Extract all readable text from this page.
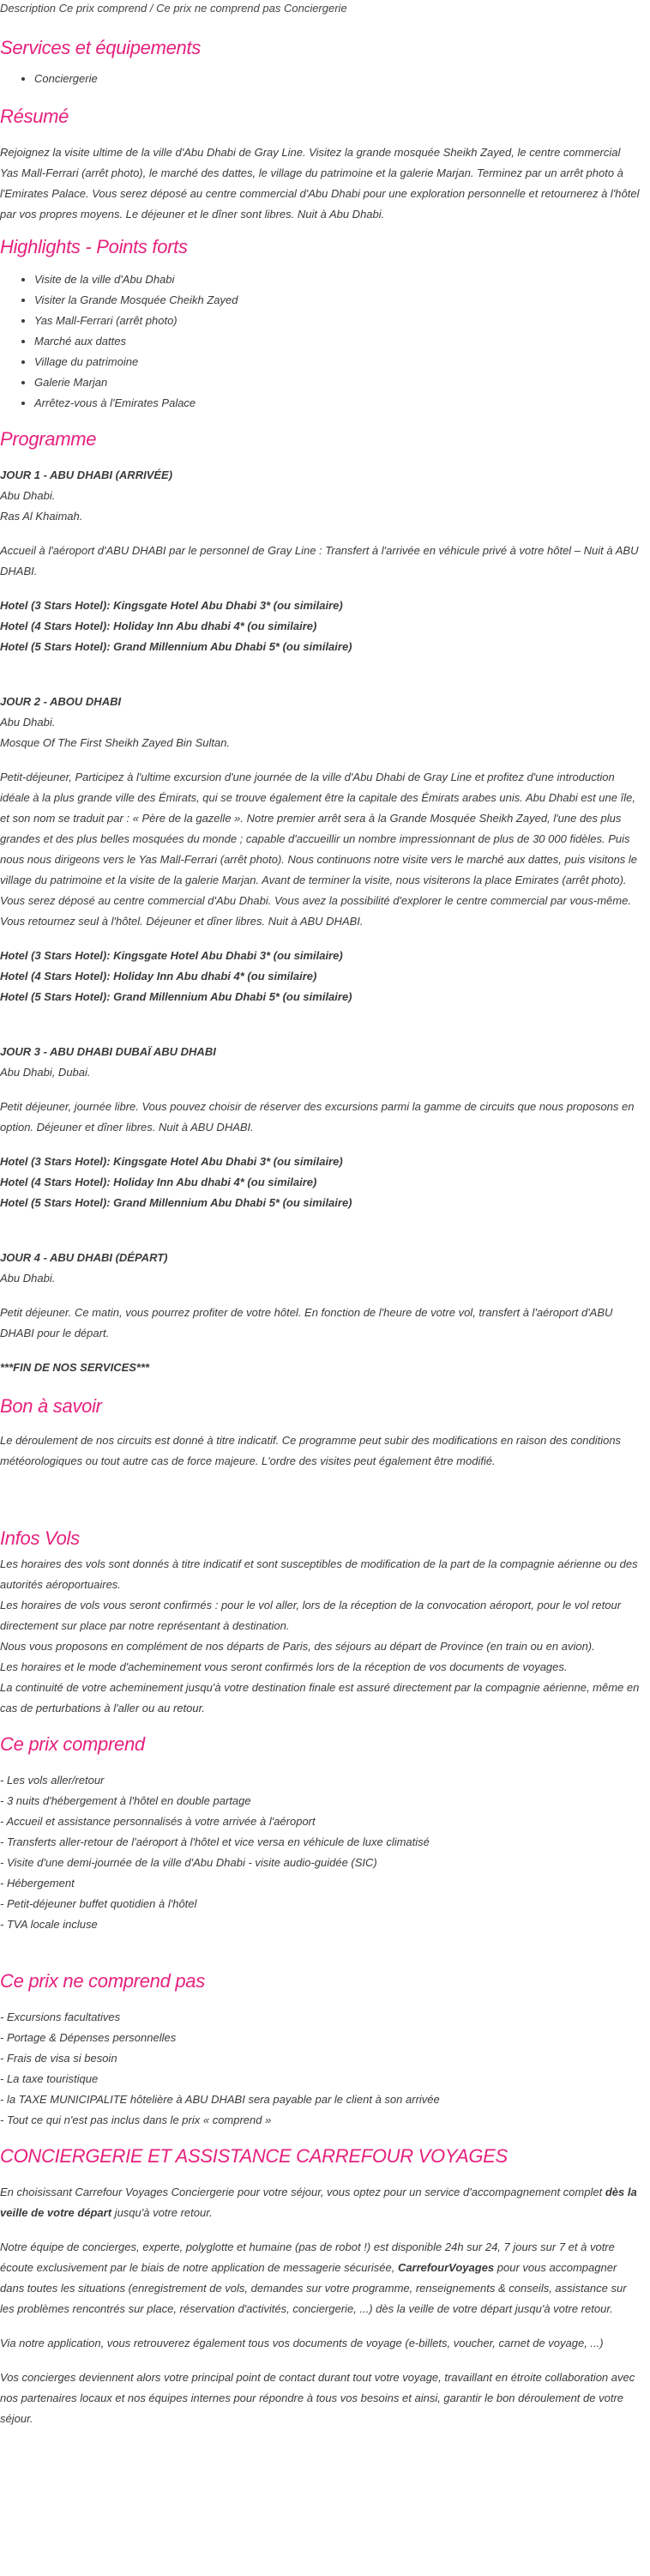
Description Ce prix comprend / Ce prix ne comprend pas Conciergerie
Services et équipements
• Conciergerie
Résumé

Rejoignez la visite ultime de la ville d'Abu Dhabi de Gray Line. Visitez la grande mosquée Sheikh Zayed, le centre commercial Yas Mall-Ferrari (arrêt photo), le marché des dattes, le village du patrimoine et la galerie Marjan. Terminez par un arrêt photo à l'Emirates Palace. Vous serez déposé au centre commercial d'Abu Dhabi pour une exploration personnelle et retournerez à l'hôtel par vos propres moyens. Le déjeuner et le dîner sont libres. Nuit à Abu Dhabi.

Highlights - Points forts
• Visite de la ville d'Abu Dhabi
• Visiter la Grande Mosquée Cheikh Zayed
• Yas Mall-Ferrari (arrêt photo)
• Marché aux dattes
• Village du patrimoine
• Galerie Marjan
• Arrêtez-vous à l'Emirates Palace
Programme
JOUR 1 - ABU DHABI (ARRIVÉE)
Abu Dhabi.
Ras Al Khaimah.

Accueil à l'aéroport d'ABU DHABI par le personnel de Gray Line : Transfert à l'arrivée en véhicule privé à votre hôtel – Nuit à ABU DHABI.

Hotel (3 Stars Hotel): Kingsgate Hotel Abu Dhabi 3* (ou similaire)
Hotel (4 Stars Hotel): Holiday Inn Abu dhabi 4* (ou similaire)
Hotel (5 Stars Hotel): Grand Millennium Abu Dhabi 5* (ou similaire)
JOUR 2 - ABOU DHABI
Abu Dhabi.
Mosque Of The First Sheikh Zayed Bin Sultan.

Petit-déjeuner, Participez à l'ultime excursion d'une journée de la ville d'Abu Dhabi de Gray Line et profitez d'une introduction idéale à la plus grande ville des Émirats, qui se trouve également être la capitale des Émirats arabes unis. Abu Dhabi est une île, et son nom se traduit par : « Père de la gazelle ». Notre premier arrêt sera à la Grande Mosquée Sheikh Zayed, l'une des plus grandes et des plus belles mosquées du monde ; capable d'accueillir un nombre impressionnant de plus de 30 000 fidèles. Puis nous nous dirigeons vers le Yas Mall-Ferrari (arrêt photo). Nous continuons notre visite vers le marché aux dattes, puis visitons le village du patrimoine et la visite de la galerie Marjan. Avant de terminer la visite, nous visiterons la place Emirates (arrêt photo). Vous serez déposé au centre commercial d'Abu Dhabi. Vous avez la possibilité d'explorer le centre commercial par vous-même. Vous retournez seul à l'hôtel. Déjeuner et dîner libres. Nuit à ABU DHABI.

Hotel (3 Stars Hotel): Kingsgate Hotel Abu Dhabi 3* (ou similaire)
Hotel (4 Stars Hotel): Holiday Inn Abu dhabi 4* (ou similaire)
Hotel (5 Stars Hotel): Grand Millennium Abu Dhabi 5* (ou similaire)
JOUR 3 - ABU DHABI DUBAÏ ABU DHABI
Abu Dhabi, Dubai.

Petit déjeuner, journée libre. Vous pouvez choisir de réserver des excursions parmi la gamme de circuits que nous proposons en option. Déjeuner et dîner libres. Nuit à ABU DHABI.

Hotel (3 Stars Hotel): Kingsgate Hotel Abu Dhabi 3* (ou similaire)
Hotel (4 Stars Hotel): Holiday Inn Abu dhabi 4* (ou similaire)
Hotel (5 Stars Hotel): Grand Millennium Abu Dhabi 5* (ou similaire)
JOUR 4 - ABU DHABI (DÉPART)
Abu Dhabi.

Petit déjeuner. Ce matin, vous pourrez profiter de votre hôtel. En fonction de l'heure de votre vol, transfert à l'aéroport d'ABU DHABI pour le départ.

***FIN DE NOS SERVICES***
Bon à savoir

Le déroulement de nos circuits est donné à titre indicatif. Ce programme peut subir des modifications en raison des conditions météorologiques ou tout autre cas de force majeure. L'ordre des visites peut également être modifié.

Infos Vols
Les horaires des vols sont donnés à titre indicatif et sont susceptibles de modification de la part de la compagnie aérienne ou des autorités aéroportuaires.
Les horaires de vols vous seront confirmés : pour le vol aller, lors de la réception de la convocation aéroport, pour le vol retour directement sur place par notre représentant à destination.
Nous vous proposons en complément de nos départs de Paris, des séjours au départ de Province (en train ou en avion).
Les horaires et le mode d'acheminement vous seront confirmés lors de la réception de vos documents de voyages.
La continuité de votre acheminement jusqu'à votre destination finale est assuré directement par la compagnie aérienne, même en cas de perturbations à l'aller ou au retour.
Ce prix comprend
- Les vols aller/retour
- 3 nuits d'hébergement à l'hôtel en double partage
- Accueil et assistance personnalisés à votre arrivée à l'aéroport
- Transferts aller-retour de l'aéroport à l'hôtel et vice versa en véhicule de luxe climatisé
- Visite d'une demi-journée de la ville d'Abu Dhabi - visite audio-guidée (SIC)
- Hébergement
- Petit-déjeuner buffet quotidien à l'hôtel
- TVA locale incluse
Ce prix ne comprend pas
- Excursions facultatives
- Portage & Dépenses personnelles
- Frais de visa si besoin
- La taxe touristique
- la TAXE MUNICIPALITE hôtelière à ABU DHABI sera payable par le client à son arrivée
- Tout ce qui n'est pas inclus dans le prix « comprend »
CONCIERGERIE ET ASSISTANCE CARREFOUR VOYAGES

En choisissant Carrefour Voyages Conciergerie pour votre séjour, vous optez pour un service d'accompagnement complet dès la veille de votre départ jusqu'à votre retour.

Notre équipe de concierges, experte, polyglotte et humaine (pas de robot !) est disponible 24h sur 24, 7 jours sur 7 et à votre écoute exclusivement par le biais de notre application de messagerie sécurisée, CarrefourVoyages pour vous accompagner dans toutes les situations (enregistrement de vols, demandes sur votre programme, renseignements & conseils, assistance sur les problèmes rencontrés sur place, réservation d'activités, conciergerie, ...) dès la veille de votre départ jusqu'à votre retour.

Via notre application, vous retrouverez également tous vos documents de voyage (e-billets, voucher, carnet de voyage, ...)

Vos concierges deviennent alors votre principal point de contact durant tout votre voyage, travaillant en étroite collaboration avec nos partenaires locaux et nos équipes internes pour répondre à tous vos besoins et ainsi, garantir le bon déroulement de votre séjour.
